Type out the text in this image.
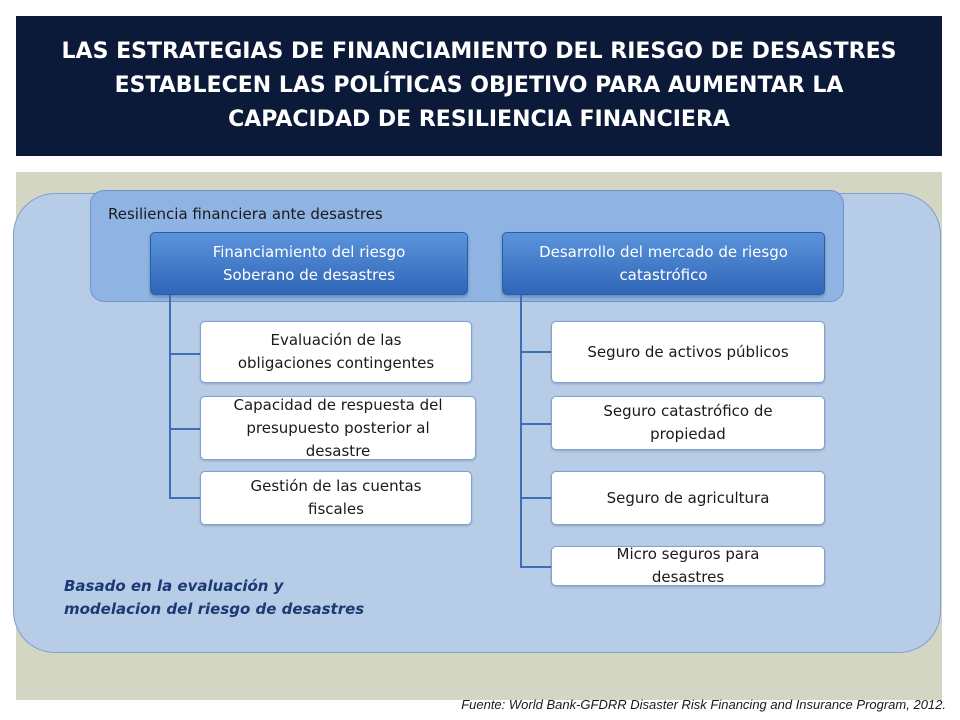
LAS ESTRATEGIAS DE FINANCIAMIENTO DEL RIESGO DE DESASTRES
ESTABLECEN LAS POLÍTICAS OBJETIVO PARA AUMENTAR LA
CAPACIDAD DE RESILIENCIA FINANCIERA
Resiliencia financiera ante desastres
Financiamiento del riesgo
Soberano de desastres
Evaluación de las
obligaciones contingentes
Capacidad de respuesta del
presupuesto posterior al
desastre
Gestión de las cuentas
fiscales
Desarrollo del mercado de riesgo
catastrófico
Seguro de activos públicos
Seguro catastrófico de
propiedad
Seguro de agricultura
Micro seguros para
desastres
Basado en la evaluación y
modelacion del riesgo de desastres
Fuente: World Bank-GFDRR Disaster Risk Financing and Insurance Program, 2012.
